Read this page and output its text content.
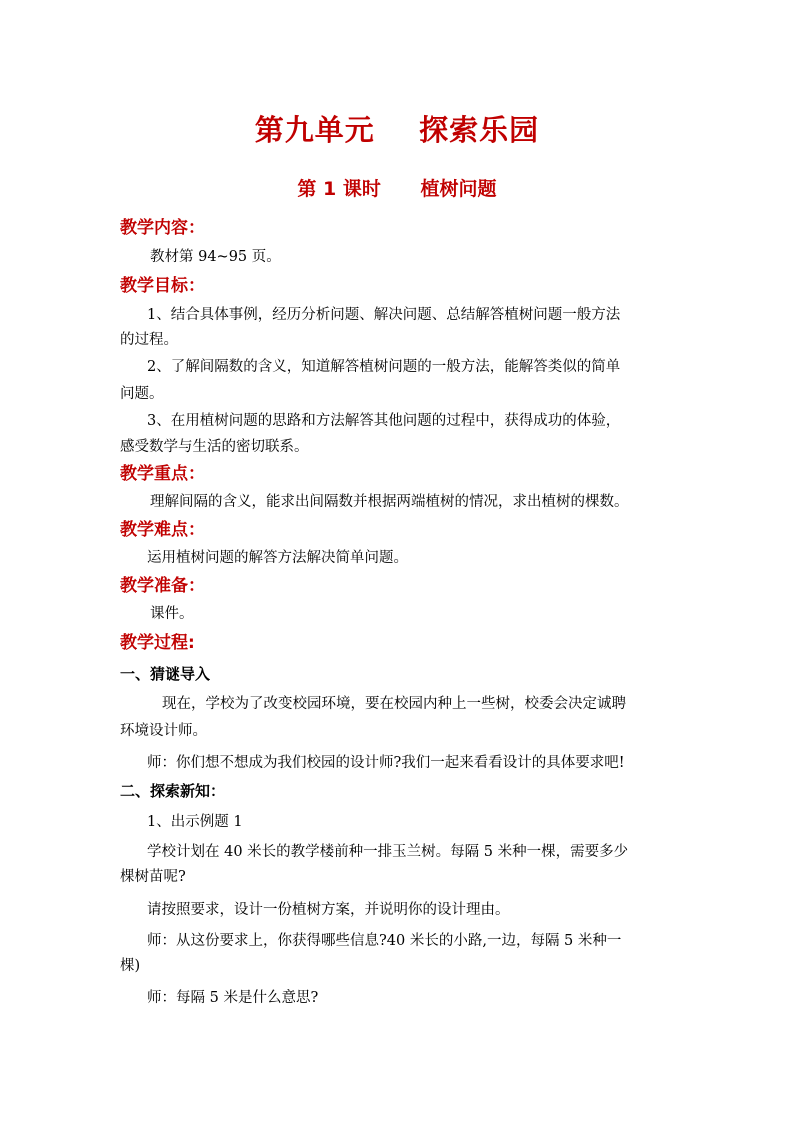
第九单元    探索乐园
第 1 课时      植树问题
教学内容：
教材第 94~95 页。
教学目标：
1、结合具体事例，经历分析问题、解决问题、总结解答植树问题一般方法
的过程。
2、了解间隔数的含义，知道解答植树问题的一般方法，能解答类似的简单
问题。
3、在用植树问题的思路和方法解答其他问题的过程中，获得成功的体验，
感受数学与生活的密切联系。
教学重点：
理解间隔的含义，能求出间隔数并根据两端植树的情况，求出植树的棵数。
教学难点：
运用植树问题的解答方法解决简单问题。
教学准备：
课件。
教学过程:
一、猜谜导入
现在，学校为了改变校园环境，要在校园内种上一些树，校委会决定诚聘
环境设计师。
师：你们想不想成为我们校园的设计师?我们一起来看看设计的具体要求吧!
二、探索新知：
1、出示例题 1
学校计划在 40 米长的教学楼前种一排玉兰树。每隔 5 米种一棵，需要多少
棵树苗呢?
请按照要求，设计一份植树方案，并说明你的设计理由。
师：从这份要求上，你获得哪些信息?40 米长的小路,一边，每隔 5 米种一
棵)
师：每隔 5 米是什么意思?
